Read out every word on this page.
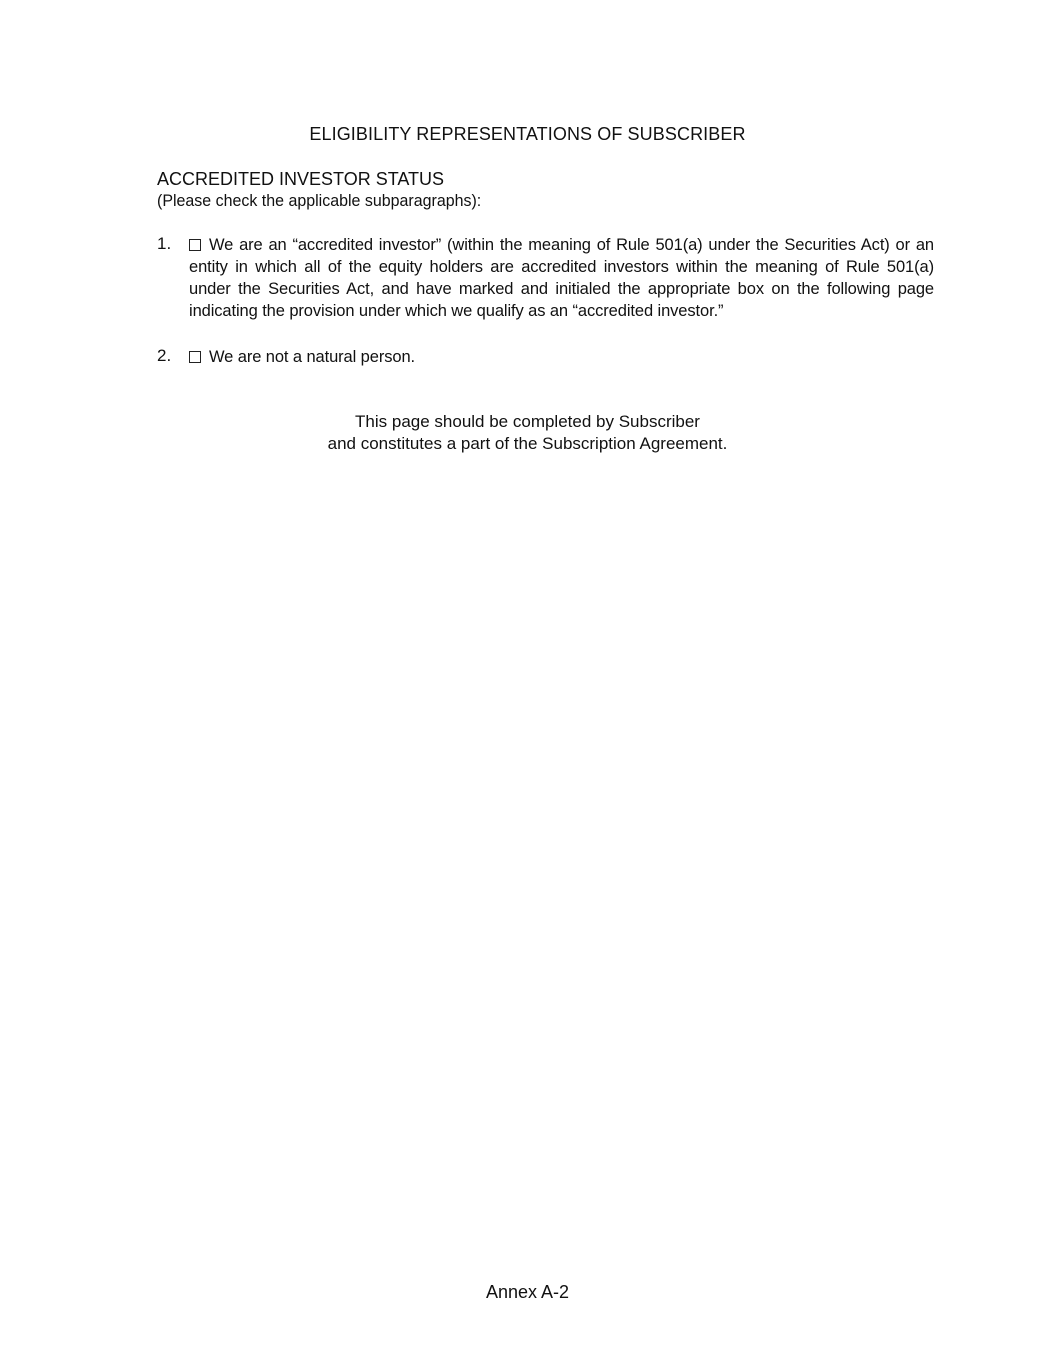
ELIGIBILITY REPRESENTATIONS OF SUBSCRIBER
ACCREDITED INVESTOR STATUS
(Please check the applicable subparagraphs):
1.	We are an “accredited investor” (within the meaning of Rule 501(a) under the Securities Act) or an entity in which all of the equity holders are accredited investors within the meaning of Rule 501(a) under the Securities Act, and have marked and initialed the appropriate box on the following page indicating the provision under which we qualify as an “accredited investor.”
2.	We are not a natural person.
This page should be completed by Subscriber
and constitutes a part of the Subscription Agreement.
Annex A-2
